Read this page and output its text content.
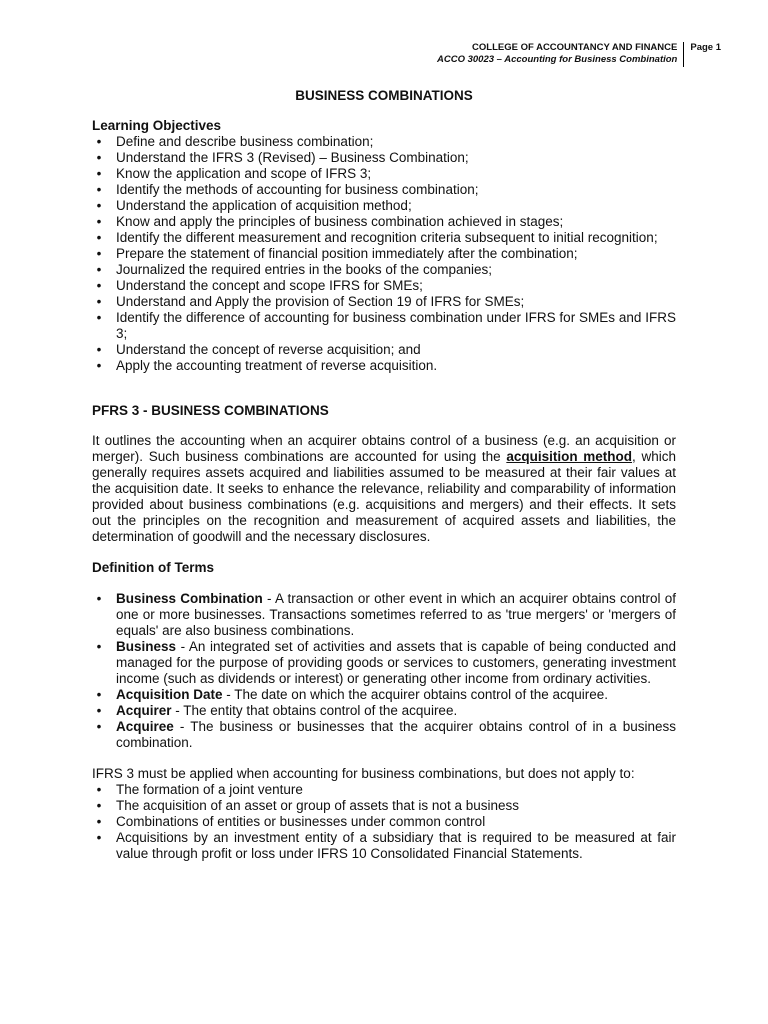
COLLEGE OF ACCOUNTANCY AND FINANCE
ACCO 30023 – Accounting for Business Combination
Page 1

BUSINESS COMBINATIONS

Learning Objectives

•	Define and describe business combination;
•	Understand the IFRS 3 (Revised) – Business Combination;
•	Know the application and scope of IFRS 3;
•	Identify the methods of accounting for business combination;
•	Understand the application of acquisition method;
•	Know and apply the principles of business combination achieved in stages;
•	Identify the different measurement and recognition criteria subsequent to initial recognition;
•	Prepare the statement of financial position immediately after the combination;
•	Journalized the required entries in the books of the companies;
•	Understand the concept and scope IFRS for SMEs;
•	Understand and Apply the provision of Section 19 of IFRS for SMEs;
•	Identify the difference of accounting for business combination under IFRS for SMEs and IFRS 3;
•	Understand the concept of reverse acquisition; and
•	Apply the accounting treatment of reverse acquisition.

PFRS 3 - BUSINESS COMBINATIONS

It outlines the accounting when an acquirer obtains control of a business (e.g. an acquisition or merger). Such business combinations are accounted for using the acquisition method, which generally requires assets acquired and liabilities assumed to be measured at their fair values at the acquisition date. It seeks to enhance the relevance, reliability and comparability of information provided about business combinations (e.g. acquisitions and mergers) and their effects. It sets out the principles on the recognition and measurement of acquired assets and liabilities, the determination of goodwill and the necessary disclosures.

Definition of Terms

•	Business Combination - A transaction or other event in which an acquirer obtains control of one or more businesses. Transactions sometimes referred to as 'true mergers' or 'mergers of equals' are also business combinations.
•	Business - An integrated set of activities and assets that is capable of being conducted and managed for the purpose of providing goods or services to customers, generating investment income (such as dividends or interest) or generating other income from ordinary activities.
•	Acquisition Date - The date on which the acquirer obtains control of the acquiree.
•	Acquirer - The entity that obtains control of the acquiree.
•	Acquiree - The business or businesses that the acquirer obtains control of in a business combination.

IFRS 3 must be applied when accounting for business combinations, but does not apply to:

•	The formation of a joint venture
•	The acquisition of an asset or group of assets that is not a business
•	Combinations of entities or businesses under common control
•	Acquisitions by an investment entity of a subsidiary that is required to be measured at fair value through profit or loss under IFRS 10 Consolidated Financial Statements.
